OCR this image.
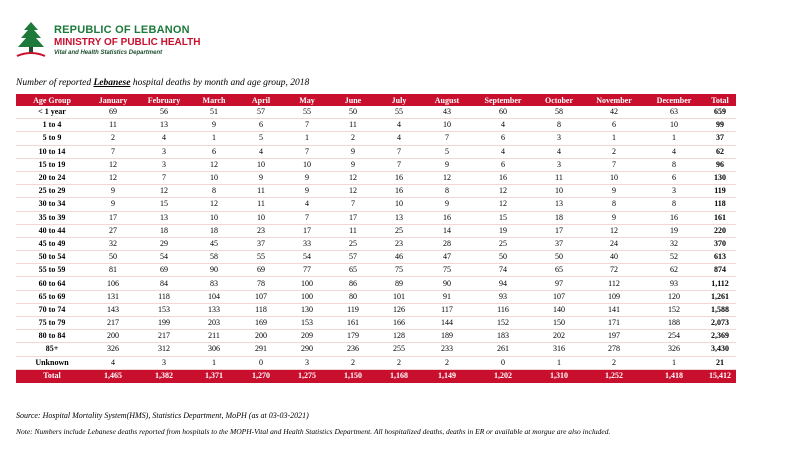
REPUBLIC OF LEBANON
MINISTRY OF PUBLIC HEALTH
Vital and Health Statistics Department
Number of reported Lebanese hospital deaths by month and age group, 2018
Age Group	January	February	March	April	May	June	July	August	September	October	November	December	Total
< 1 year	69	56	51	57	55	50	55	43	60	58	42	63	659
1 to 4	11	13	9	6	7	11	4	10	4	8	6	10	99
5 to 9	2	4	1	5	1	2	4	7	6	3	1	1	37
10 to 14	7	3	6	4	7	9	7	5	4	4	2	4	62
15 to 19	12	3	12	10	10	9	7	9	6	3	7	8	96
20 to 24	12	7	10	9	9	12	16	12	16	11	10	6	130
25 to 29	9	12	8	11	9	12	16	8	12	10	9	3	119
30 to 34	9	15	12	11	4	7	10	9	12	13	8	8	118
35 to 39	17	13	10	10	7	17	13	16	15	18	9	16	161
40 to 44	27	18	18	23	17	11	25	14	19	17	12	19	220
45 to 49	32	29	45	37	33	25	23	28	25	37	24	32	370
50 to 54	50	54	58	55	54	57	46	47	50	50	40	52	613
55 to 59	81	69	90	69	77	65	75	75	74	65	72	62	874
60 to 64	106	84	83	78	100	86	89	90	94	97	112	93	1,112
65 to 69	131	118	104	107	100	80	101	91	93	107	109	120	1,261
70 to 74	143	153	133	118	130	119	126	117	116	140	141	152	1,588
75 to 79	217	199	203	169	153	161	166	144	152	150	171	188	2,073
80 to 84	200	217	211	200	209	179	128	189	183	202	197	254	2,369
85+	326	312	306	291	290	236	255	233	261	316	278	326	3,430
Unknown	4	3	1	0	3	2	2	2	0	1	2	1	21
Total	1,465	1,382	1,371	1,270	1,275	1,150	1,168	1,149	1,202	1,310	1,252	1,418	15,412
Source: Hospital Mortality System(HMS), Statistics Department, MoPH (as at 03-03-2021)
Note: Numbers include Lebanese deaths reported from hospitals to the MOPH-Vital and Health Statistics Department. All hospitalized deaths, deaths in ER or available at morgue are also included.
